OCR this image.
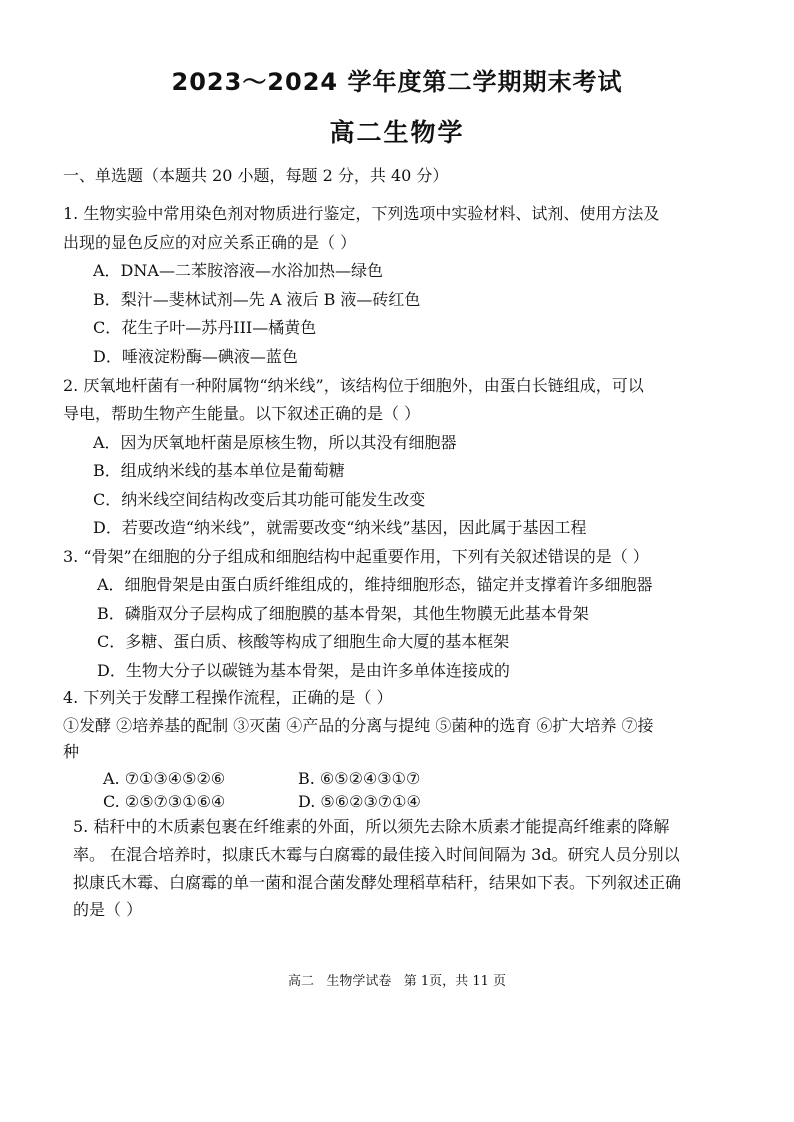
2023～2024 学年度第二学期期末考试
高二生物学
一、单选题（本题共 20 小题，每题 2 分，共 40 分）
1. 生物实验中常用染色剂对物质进行鉴定，下列选项中实验材料、试剂、使用方法及
出现的显色反应的对应关系正确的是（ ）
A．DNA—二苯胺溶液—水浴加热—绿色
B．梨汁—斐林试剂—先 A 液后 B 液—砖红色
C．花生子叶—苏丹III—橘黄色
D．唾液淀粉酶—碘液—蓝色
2. 厌氧地杆菌有一种附属物“纳米线”，该结构位于细胞外，由蛋白长链组成，可以
导电，帮助生物产生能量。以下叙述正确的是（ ）
A．因为厌氧地杆菌是原核生物，所以其没有细胞器
B．组成纳米线的基本单位是葡萄糖
C．纳米线空间结构改变后其功能可能发生改变
D．若要改造“纳米线”，就需要改变“纳米线”基因，因此属于基因工程
3. “骨架”在细胞的分子组成和细胞结构中起重要作用，下列有关叙述错误的是（ ）
A．细胞骨架是由蛋白质纤维组成的，维持细胞形态，锚定并支撑着许多细胞器
B．磷脂双分子层构成了细胞膜的基本骨架，其他生物膜无此基本骨架
C．多糖、蛋白质、核酸等构成了细胞生命大厦的基本框架
D．生物大分子以碳链为基本骨架，是由许多单体连接成的
4. 下列关于发酵工程操作流程，正确的是（ ）
①发酵 ②培养基的配制 ③灭菌 ④产品的分离与提纯 ⑤菌种的选育 ⑥扩大培养 ⑦接
种
A. ⑦①③④⑤②⑥	B. ⑥⑤②④③①⑦
C. ②⑤⑦③①⑥④	D. ⑤⑥②③⑦①④
5. 秸秆中的木质素包裹在纤维素的外面，所以须先去除木质素才能提高纤维素的降解
率。 在混合培养时，拟康氏木霉与白腐霉的最佳接入时间间隔为 3d。研究人员分别以
拟康氏木霉、白腐霉的单一菌和混合菌发酵处理稻草秸秆，结果如下表。下列叙述正确
的是（ ）
高二   生物学试卷   第 1页，共 11 页
